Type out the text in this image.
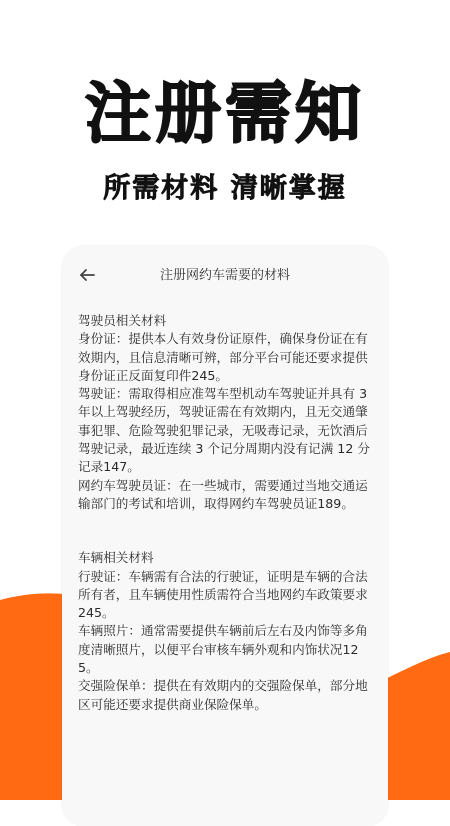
注册需知
所需材料 清晰掌握
注册网约车需要的材料
驾驶员相关材料
身份证：提供本人有效身份证原件，确保身份证在有效期内，且信息清晰可辨，部分平台可能还要求提供身份证正反面复印件245。
驾驶证：需取得相应准驾车型机动车驾驶证并具有 3 年以上驾驶经历，驾驶证需在有效期内，且无交通肇事犯罪、危险驾驶犯罪记录，无吸毒记录，无饮酒后驾驶记录，最近连续 3 个记分周期内没有记满 12 分记录147。
网约车驾驶员证：在一些城市，需要通过当地交通运输部门的考试和培训，取得网约车驾驶员证189。
车辆相关材料
行驶证：车辆需有合法的行驶证，证明是车辆的合法所有者，且车辆使用性质需符合当地网约车政策要求245。
车辆照片：通常需要提供车辆前后左右及内饰等多角度清晰照片，以便平台审核车辆外观和内饰状况125。
交强险保单：提供在有效期内的交强险保单，部分地区可能还要求提供商业保险保单。
